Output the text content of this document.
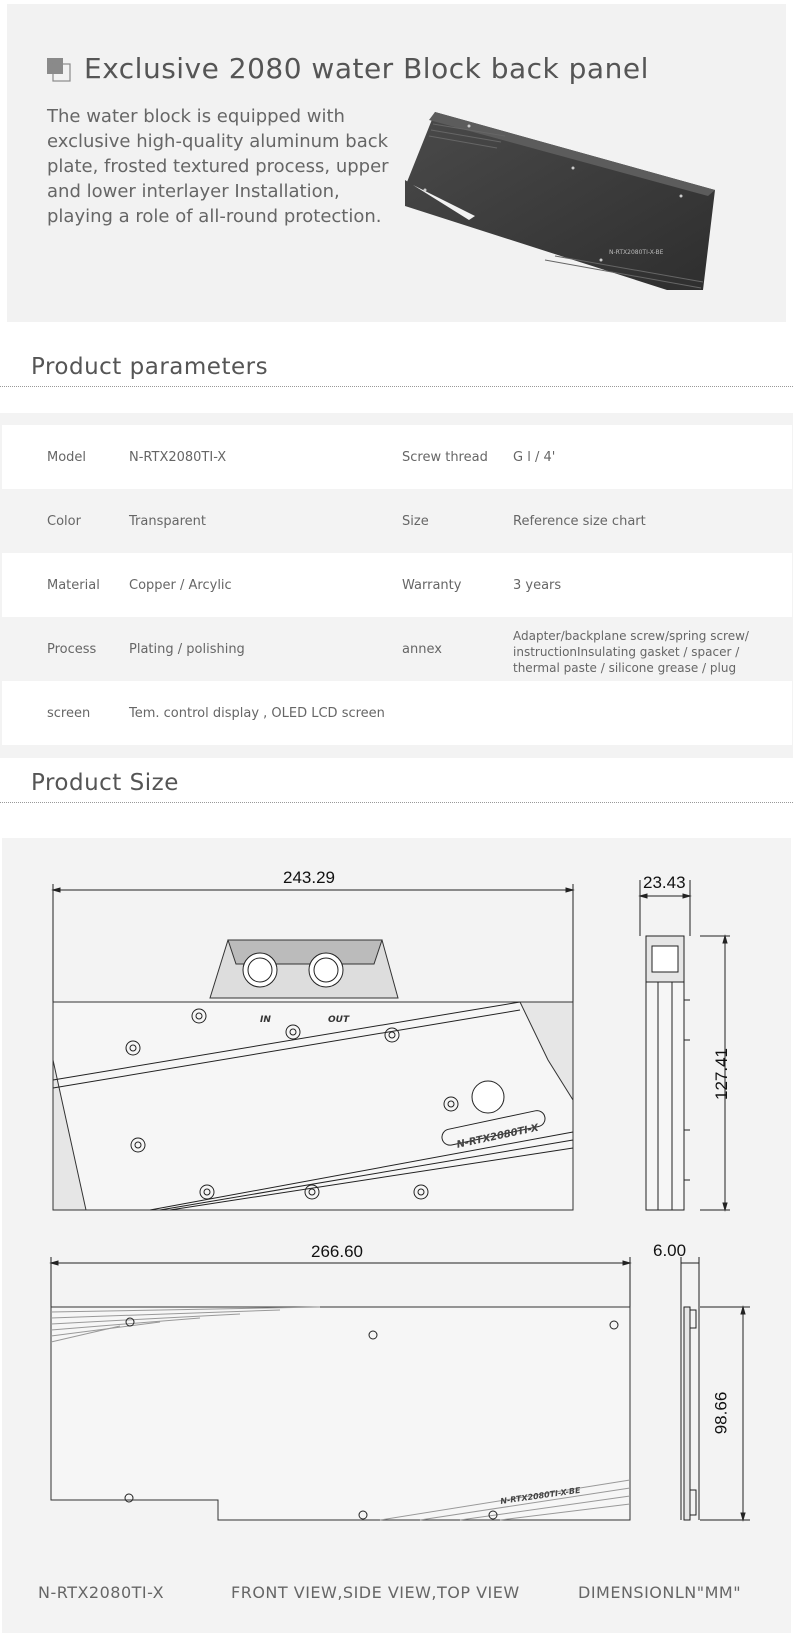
Exclusive 2080 water Block back panel
The water block is equipped with
exclusive high-quality aluminum back
plate, frosted textured process, upper
and lower interlayer Installation,
playing a role of all-round protection.
N-RTX2080TI-X-BE
Product parameters
Model	N-RTX2080TI-X	Screw thread G l / 4'
Color	Transparent	Size	Reference size chart
Material Copper / Arcylic	Warranty	3 years
Process	Plating / polishing	annex
Adapter/backplane screw/spring screw/
instructionInsulating gasket / spacer /
thermal paste / silicone grease / plug
screen	Tem. control display , OLED LCD screen
Product Size
IN	OUT
N-RTX2080TI-X
N-RTX2080TI-X-BE
243.29	23.43
127.41
266.60	6.00
98.66
N-RTX2080TI-X	FRONT VIEW,SIDE VIEW,TOP VIEW	DIMENSIONLN"MM"
